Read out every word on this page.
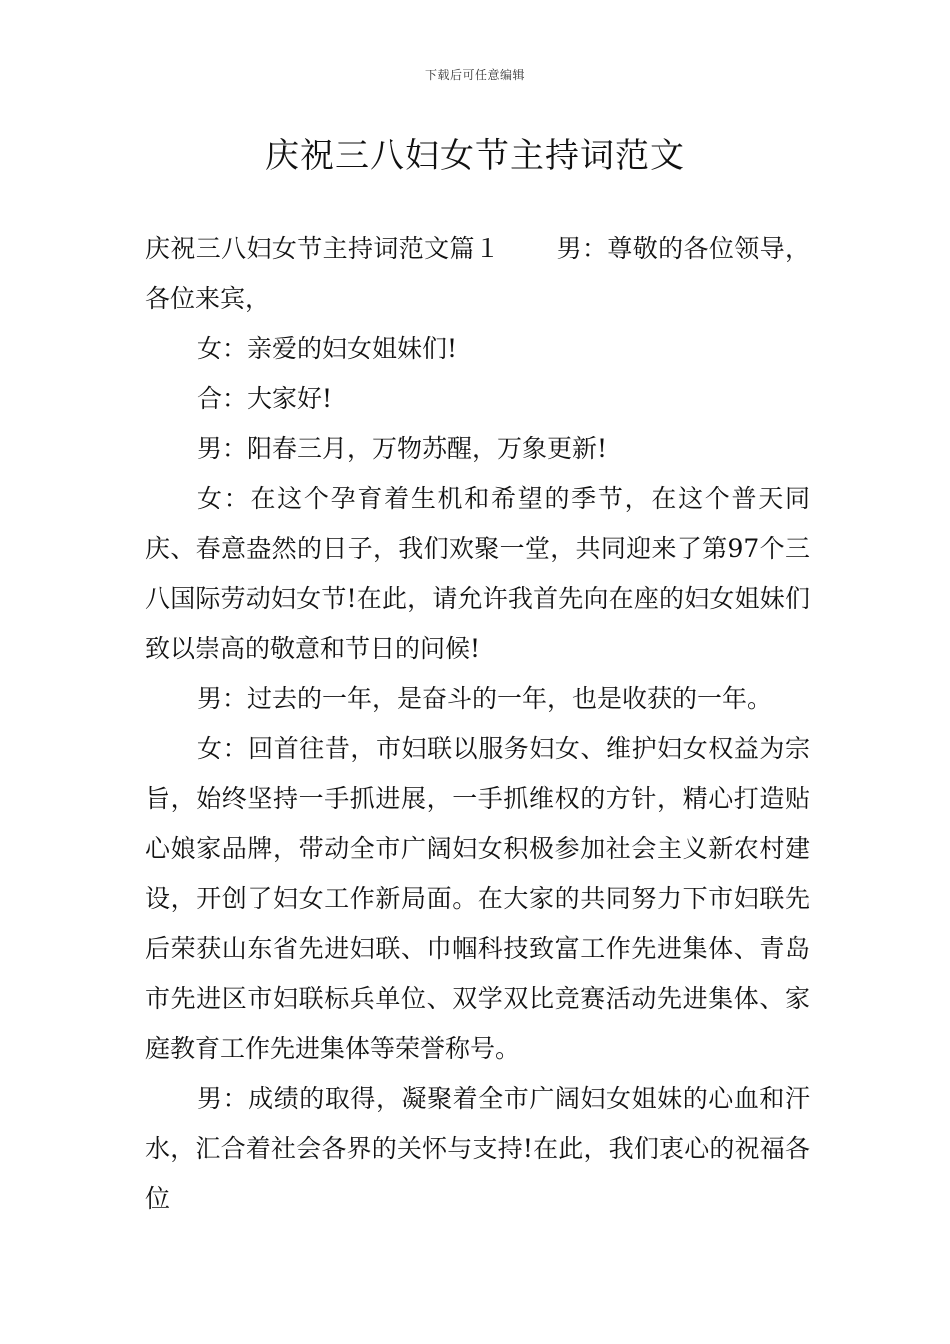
下载后可任意编辑
庆祝三八妇女节主持词范文

庆祝三八妇女节主持词范文篇１ 男：尊敬的各位领导，各位来宾，

女：亲爱的妇女姐妹们!

合：大家好!

男：阳春三月，万物苏醒，万象更新!

女：在这个孕育着生机和希望的季节，在这个普天同庆、春意盎然的日子，我们欢聚一堂，共同迎来了第97个三八国际劳动妇女节!在此，请允许我首先向在座的妇女姐妹们致以崇高的敬意和节日的问候!

男：过去的一年，是奋斗的一年，也是收获的一年。

女：回首往昔，市妇联以服务妇女、维护妇女权益为宗旨，始终坚持一手抓进展，一手抓维权的方针，精心打造贴心娘家品牌，带动全市广阔妇女积极参加社会主义新农村建设，开创了妇女工作新局面。在大家的共同努力下市妇联先后荣获山东省先进妇联、巾帼科技致富工作先进集体、青岛市先进区市妇联标兵单位、双学双比竞赛活动先进集体、家庭教育工作先进集体等荣誉称号。

男：成绩的取得，凝聚着全市广阔妇女姐妹的心血和汗水，汇合着社会各界的关怀与支持!在此，我们衷心的祝福各位
